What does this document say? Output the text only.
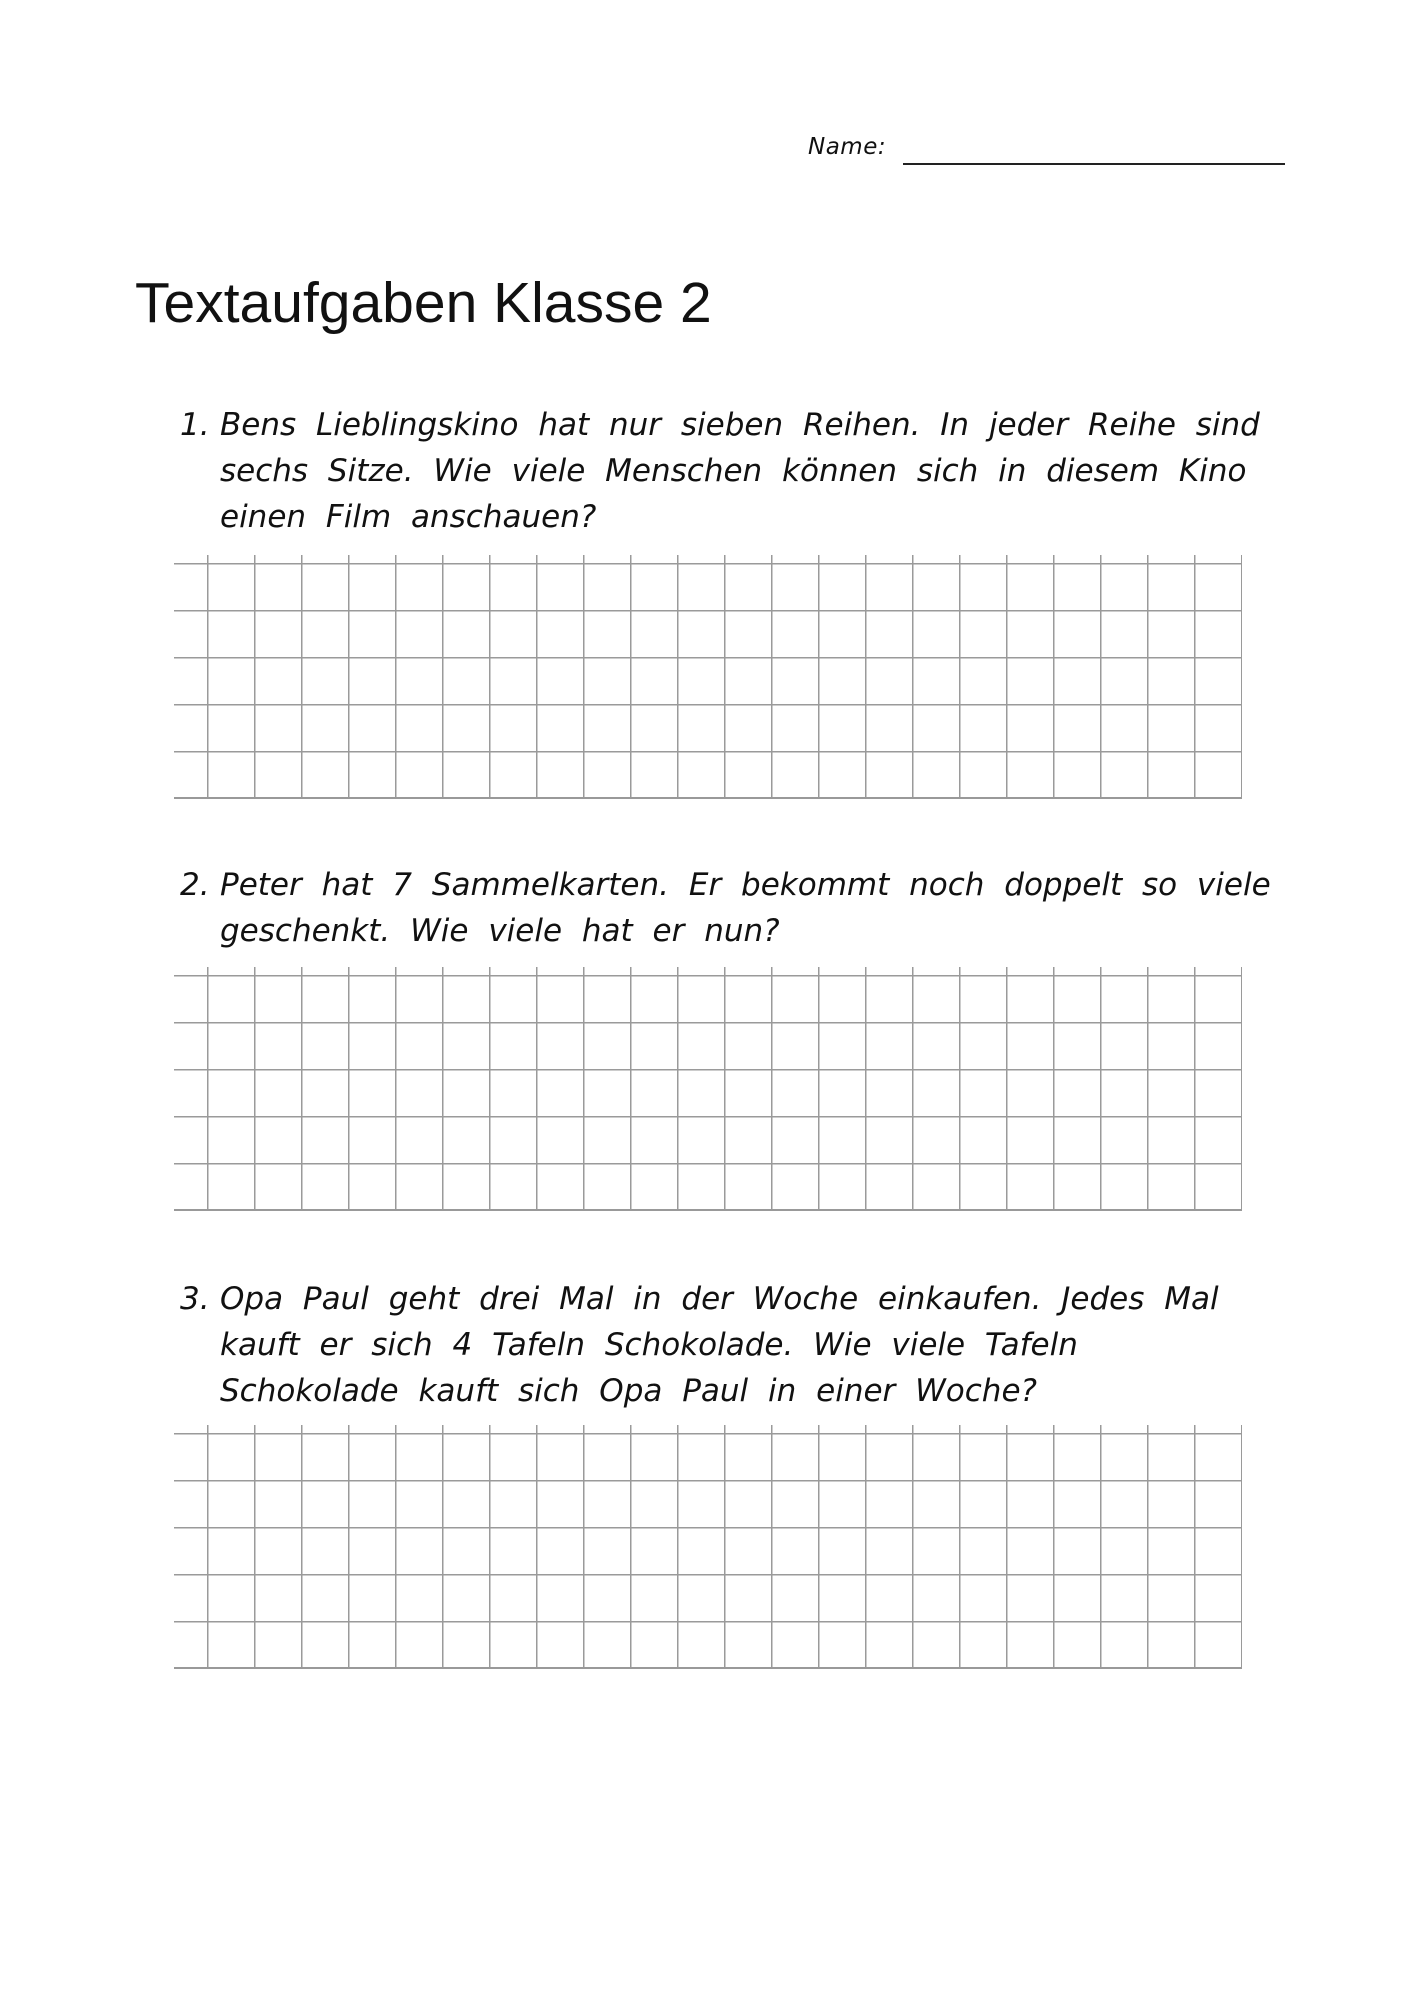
Name:
Textaufgaben Klasse 2
1. Bens Lieblingskino hat nur sieben Reihen. In jeder Reihe sind
sechs Sitze. Wie viele Menschen können sich in diesem Kino
einen Film anschauen?
2. Peter hat 7 Sammelkarten. Er bekommt noch doppelt so viele
geschenkt. Wie viele hat er nun?
3. Opa Paul geht drei Mal in der Woche einkaufen. Jedes Mal
kauft er sich 4 Tafeln Schokolade. Wie viele Tafeln
Schokolade kauft sich Opa Paul in einer Woche?
